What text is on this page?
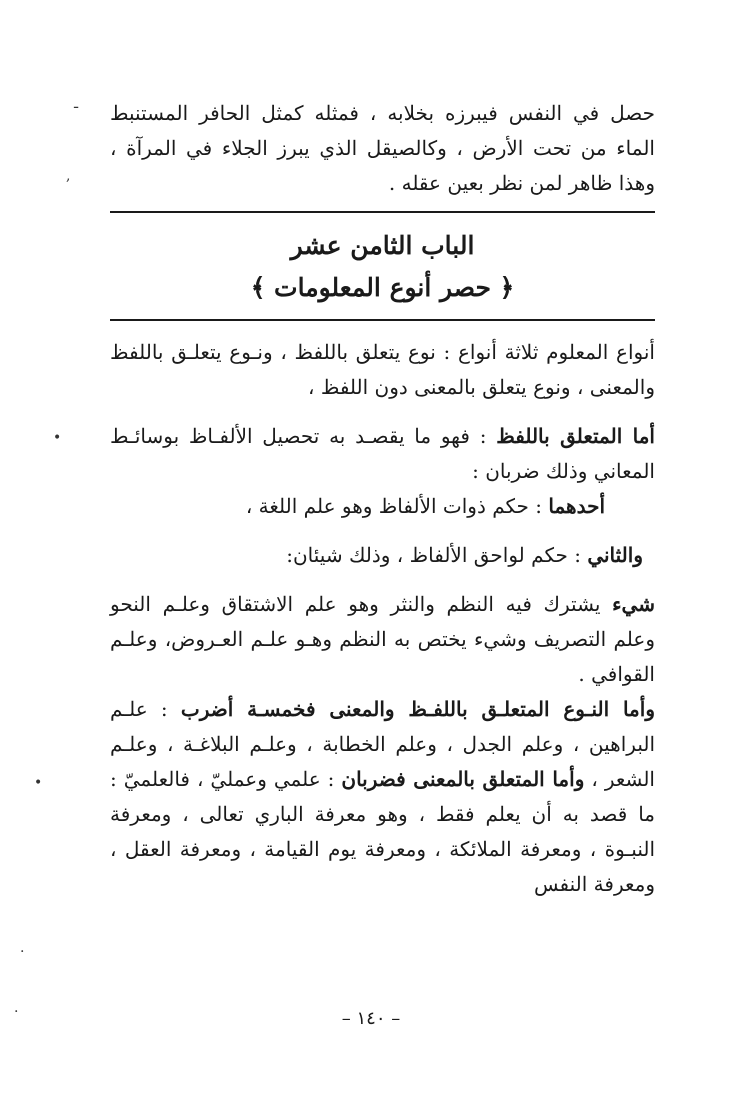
حصل في النفس فيبرزه بخلابه ، فمثله كمثل الحافر المستنبط الماء من تحت الأرض ، وكالصيقل الذي يبرز الجلاء في المرآة ، وهذا ظاهر لمن نظر بعين عقله .

الباب الثامن عشر
﴿ حصر أنوع المعلومات ﴾

أنواع المعلوم ثلاثة أنواع : نوع يتعلق باللفظ ، ونـوع يتعلـق باللفظ والمعنى ، ونوع يتعلق بالمعنى دون اللفظ ،

أما المتعلق باللفظ : فهو ما يقصـد به تحصيل الألفـاظ بوسائـط المعاني وذلك ضربان :

أحدهما : حكم ذوات الألفاظ وهو علم اللغة ،

والثاني : حكم لواحق الألفاظ ، وذلك شيئان:

شيء يشترك فيه النظم والنثر وهو علم الاشتقاق وعلـم النحو وعلم التصريف وشيء يختص به النظم وهـو علـم العـروض، وعلـم القوافي .

وأما النـوع المتعلـق باللفـظ والمعنى فخمسـة أضرب : علـم البراهين ، وعلم الجدل ، وعلم الخطابة ، وعلـم البلاغـة ، وعلـم الشعر ، وأما المتعلق بالمعنى فضربان : علمي وعمليّ ، فالعلميّ : ما قصد به أن يعلم فقط ، وهو معرفة الباري تعالى ، ومعرفة النبـوة ، ومعرفة الملائكة ، ومعرفة يوم القيامة ، ومعرفة العقل ، ومعرفة النفس

– ١٤٠ –
ـ
,
•
•
.
.
